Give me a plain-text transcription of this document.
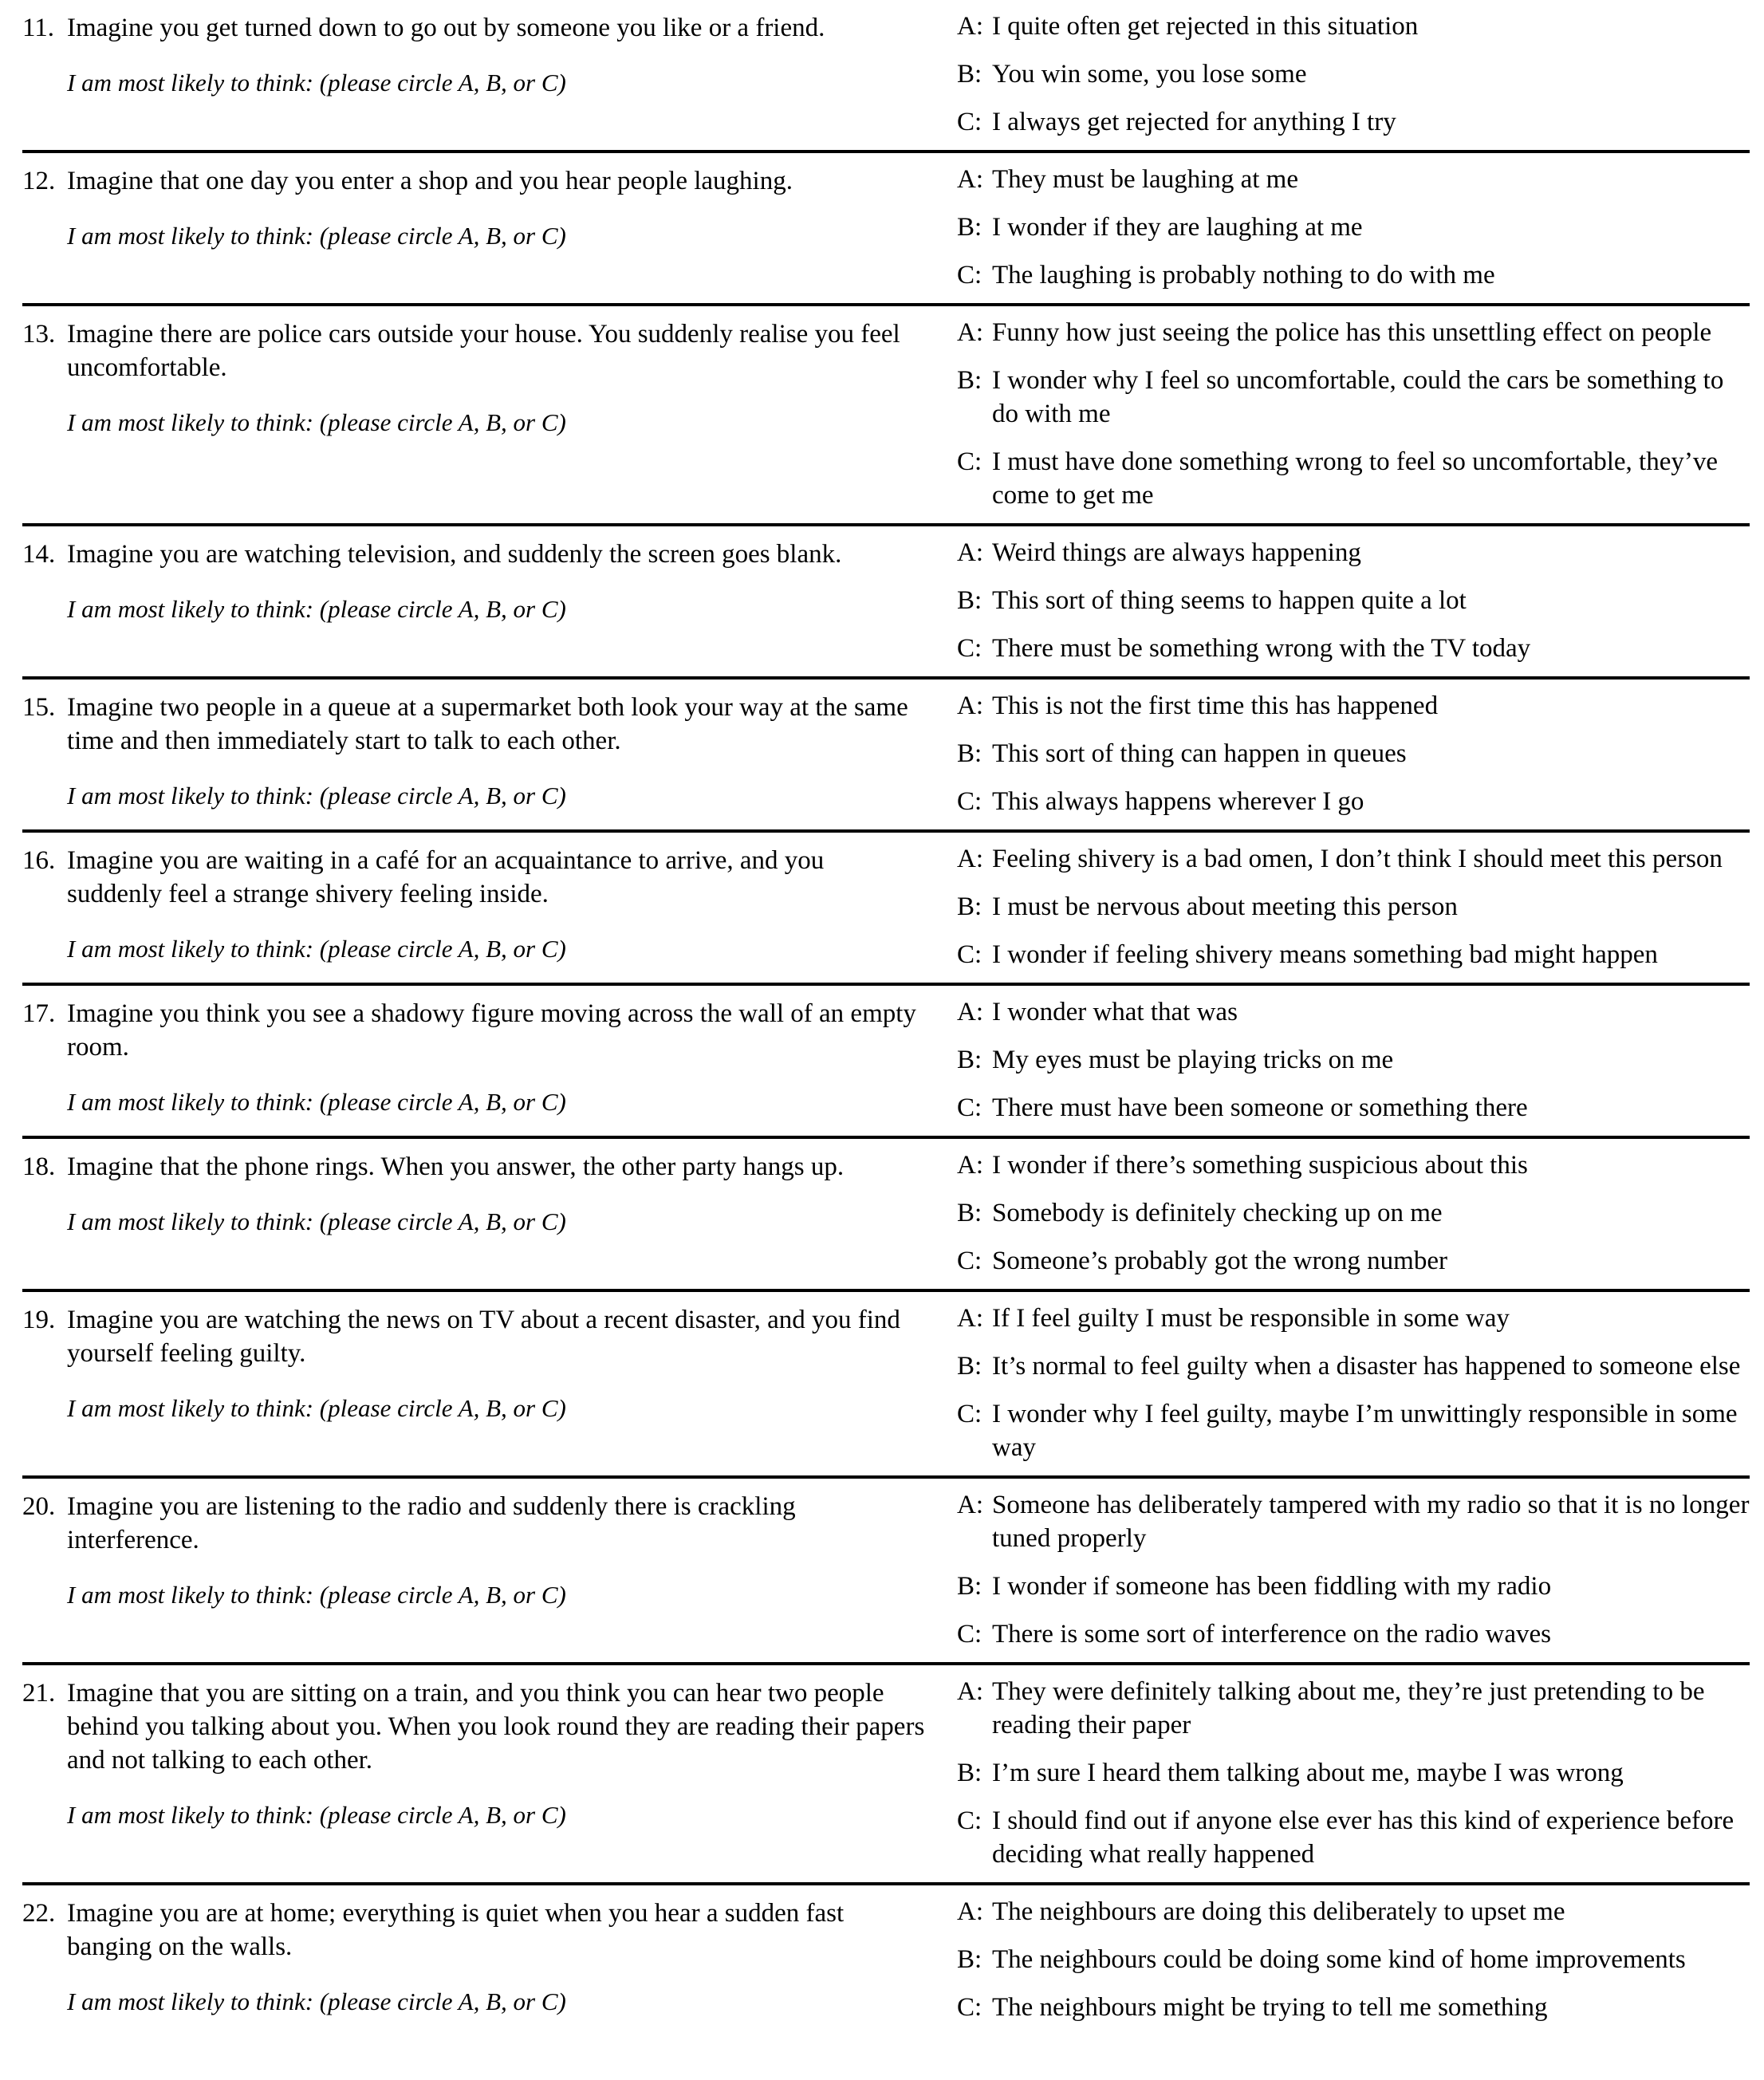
11. Imagine you get turned down to go out by someone you like or a friend.
I am most likely to think: (please circle A, B, or C)
A: I quite often get rejected in this situation
B: You win some, you lose some
C: I always get rejected for anything I try
12. Imagine that one day you enter a shop and you hear people laughing.
I am most likely to think: (please circle A, B, or C)
A: They must be laughing at me
B: I wonder if they are laughing at me
C: The laughing is probably nothing to do with me
13. Imagine there are police cars outside your house. You suddenly realise you feel uncomfortable.
I am most likely to think: (please circle A, B, or C)
A: Funny how just seeing the police has this unsettling effect on people
B: I wonder why I feel so uncomfortable, could the cars be something to do with me
C: I must have done something wrong to feel so uncomfortable, they’ve come to get me
14. Imagine you are watching television, and suddenly the screen goes blank.
I am most likely to think: (please circle A, B, or C)
A: Weird things are always happening
B: This sort of thing seems to happen quite a lot
C: There must be something wrong with the TV today
15. Imagine two people in a queue at a supermarket both look your way at the same time and then immediately start to talk to each other.
I am most likely to think: (please circle A, B, or C)
A: This is not the first time this has happened
B: This sort of thing can happen in queues
C: This always happens wherever I go
16. Imagine you are waiting in a café for an acquaintance to arrive, and you suddenly feel a strange shivery feeling inside.
I am most likely to think: (please circle A, B, or C)
A: Feeling shivery is a bad omen, I don’t think I should meet this person
B: I must be nervous about meeting this person
C: I wonder if feeling shivery means something bad might happen
17. Imagine you think you see a shadowy figure moving across the wall of an empty room.
I am most likely to think: (please circle A, B, or C)
A: I wonder what that was
B: My eyes must be playing tricks on me
C: There must have been someone or something there
18. Imagine that the phone rings. When you answer, the other party hangs up.
I am most likely to think: (please circle A, B, or C)
A: I wonder if there’s something suspicious about this
B: Somebody is definitely checking up on me
C: Someone’s probably got the wrong number
19. Imagine you are watching the news on TV about a recent disaster, and you find yourself feeling guilty.
I am most likely to think: (please circle A, B, or C)
A: If I feel guilty I must be responsible in some way
B: It’s normal to feel guilty when a disaster has happened to someone else
C: I wonder why I feel guilty, maybe I’m unwittingly responsible in some way
20. Imagine you are listening to the radio and suddenly there is crackling interference.
I am most likely to think: (please circle A, B, or C)
A: Someone has deliberately tampered with my radio so that it is no longer tuned properly
B: I wonder if someone has been fiddling with my radio
C: There is some sort of interference on the radio waves
21. Imagine that you are sitting on a train, and you think you can hear two people behind you talking about you. When you look round they are reading their papers and not talking to each other.
I am most likely to think: (please circle A, B, or C)
A: They were definitely talking about me, they’re just pretending to be reading their paper
B: I’m sure I heard them talking about me, maybe I was wrong
C: I should find out if anyone else ever has this kind of experience before deciding what really happened
22. Imagine you are at home; everything is quiet when you hear a sudden fast banging on the walls.
I am most likely to think: (please circle A, B, or C)
A: The neighbours are doing this deliberately to upset me
B: The neighbours could be doing some kind of home improvements
C: The neighbours might be trying to tell me something
